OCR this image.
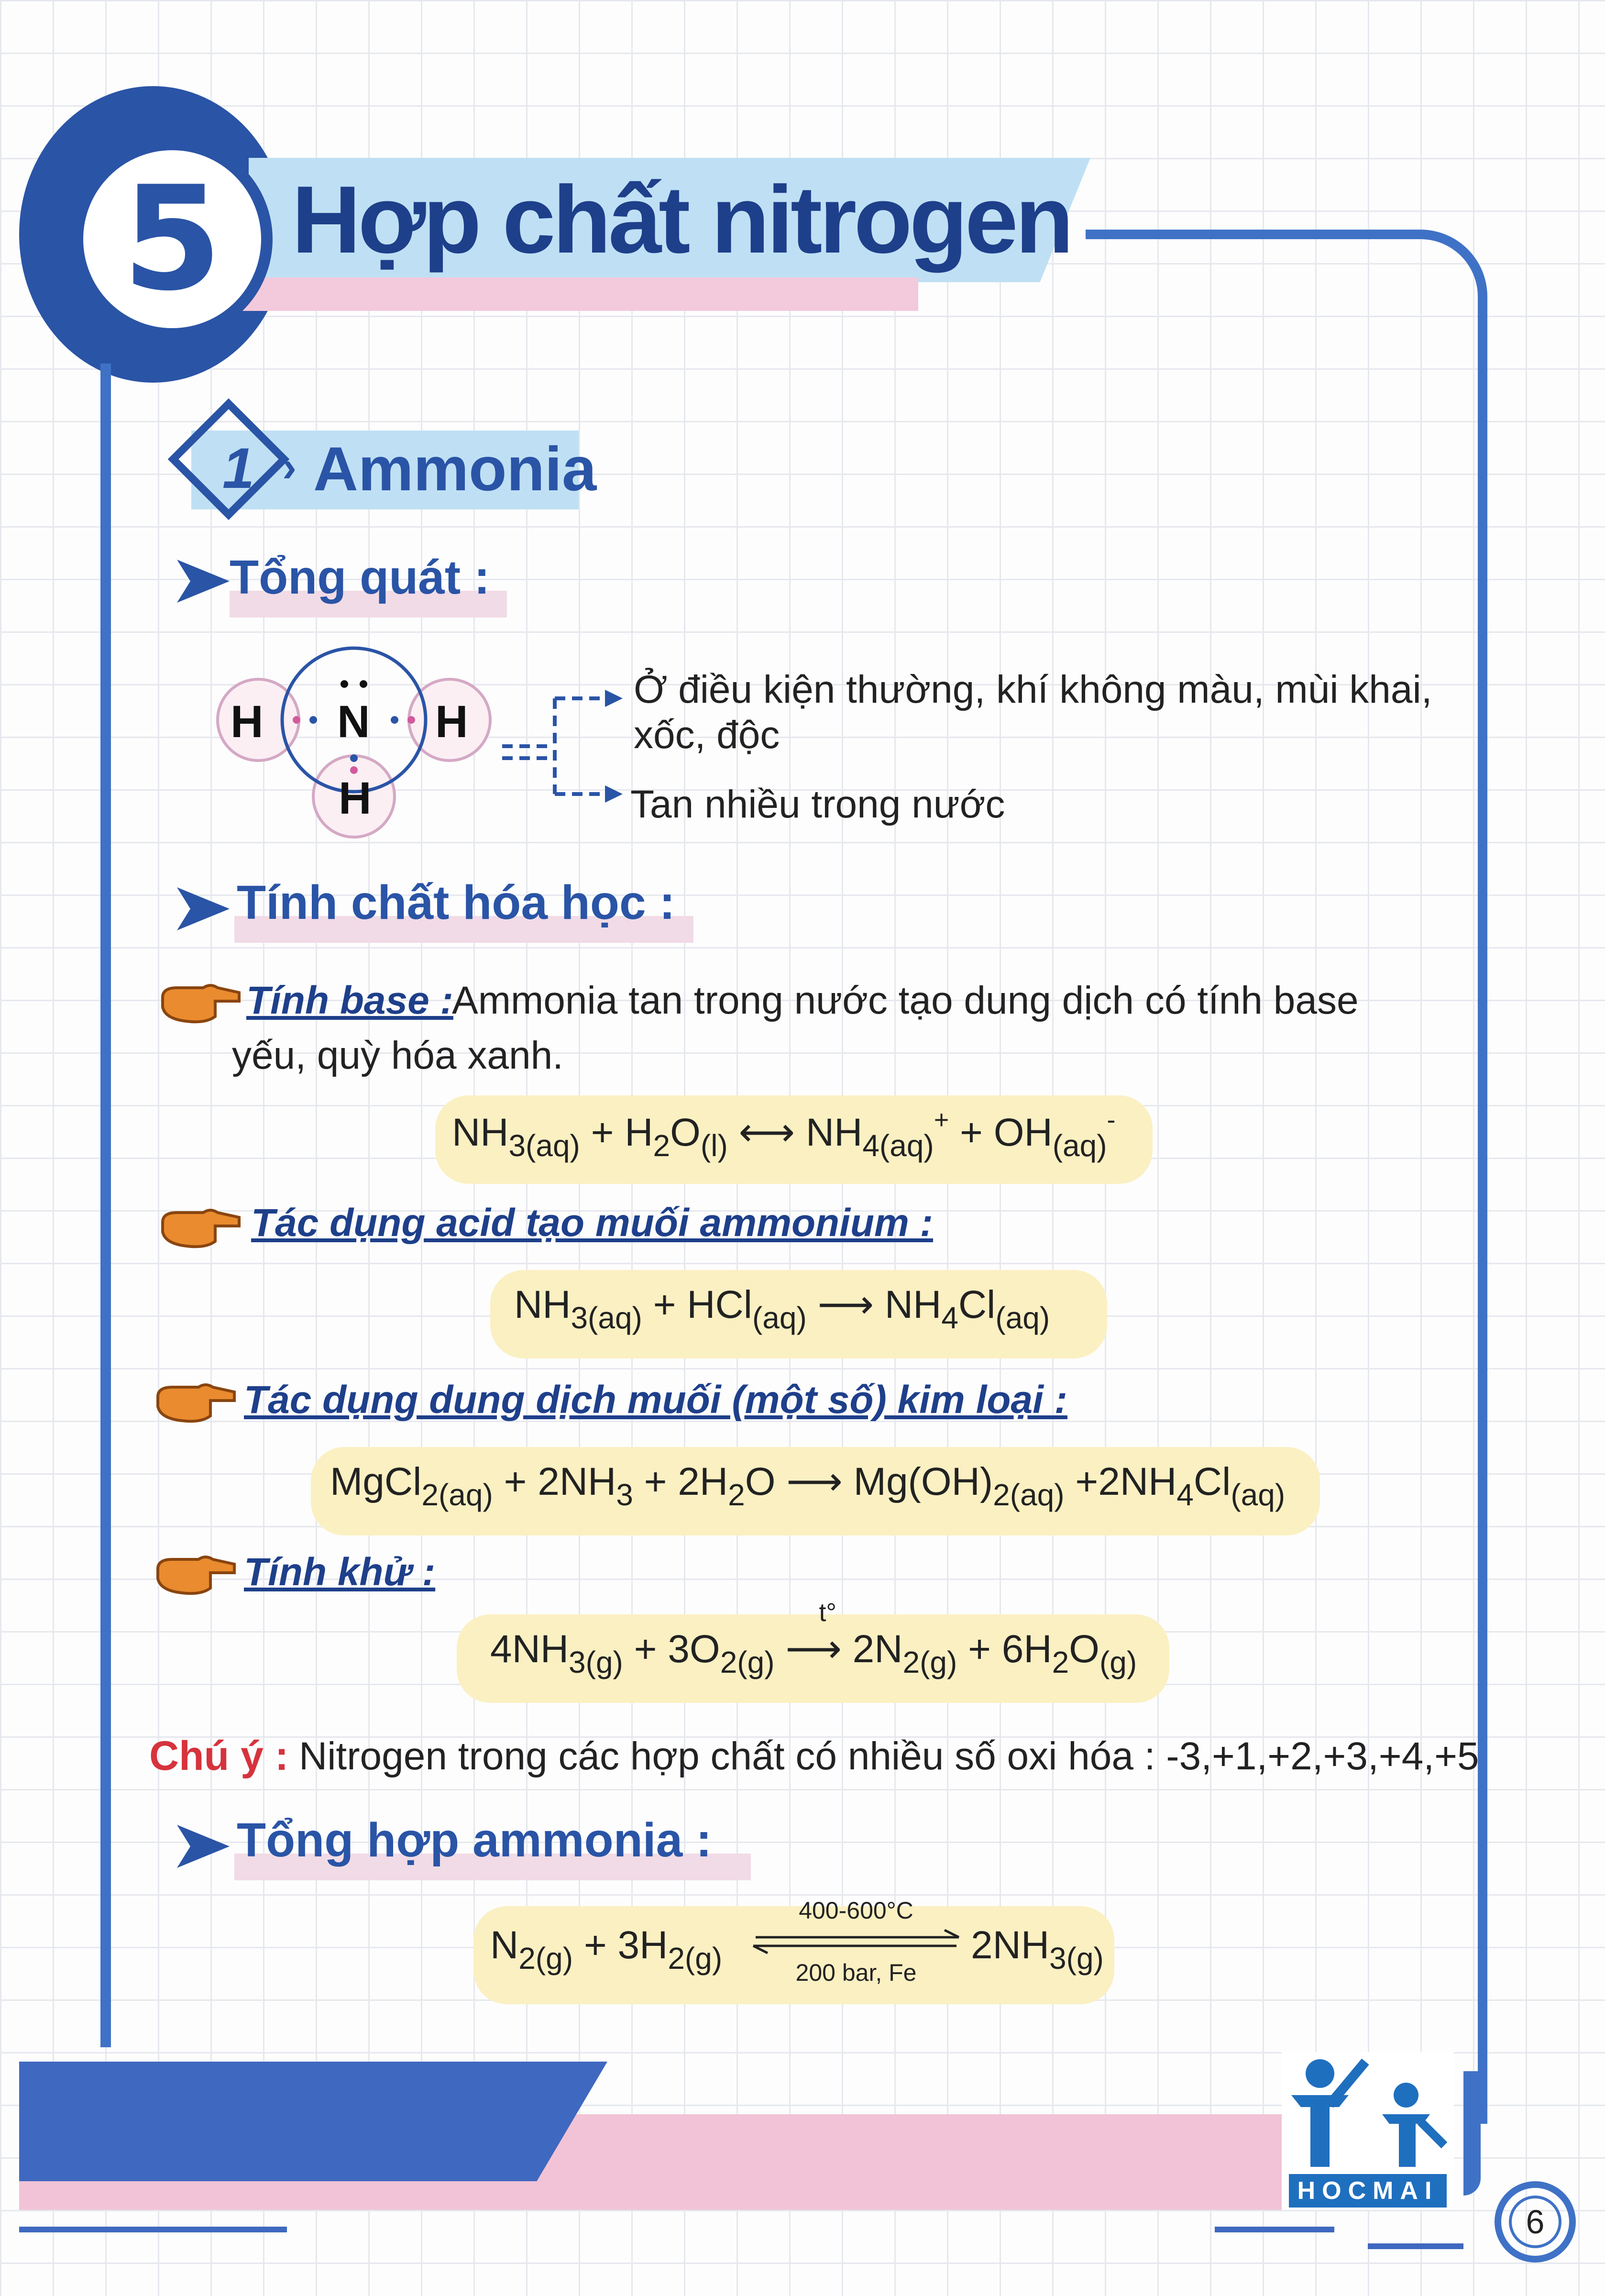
5 Hợp chất nitrogen
1 › Ammonia
Tổng quát :
H N H
H
Ở điều kiện thường, khí không màu, mùi khai,
xốc, độc
Tan nhiều trong nước
Tính chất hóa học :
Tính base :
Ammonia tan trong nước tạo dung dịch có tính base
yếu, quỳ hóa xanh.
$NH_{3(aq)} + H_2O_{(l)}$ ⟷ $NH_{4(aq)}^+ + OH_{(aq)}^-$
Tác dụng acid tạo muối ammonium :
$NH_{3(aq)} + HCl_{(aq)}$ ⟶ $NH_4Cl_{(aq)}$
Tác dụng dung dịch muối (một số) kim loại :
MgCl$_{2(aq)}$ + $2NH_3 + 2H_2O$ ⟶ $Mg(OH)_{2(aq)} +2NH_4Cl_{(aq)}$
Tính khử :
$4NH_{3(g)} + 3O_{2(g)}$
t°
⟶ $2N_{2(g)} + 6H_2O_{(g)}$
Chú ý : Nitrogen trong các hợp chất có nhiều số oxi hóa : -3,+1,+2,+3,+4,+5
Tổng hợp ammonia :
$N_{2(g)} + 3H_{2(g)}$
400-600°C
200 bar, Fe
$2NH_{3(g)}$
HOCMAI
6
